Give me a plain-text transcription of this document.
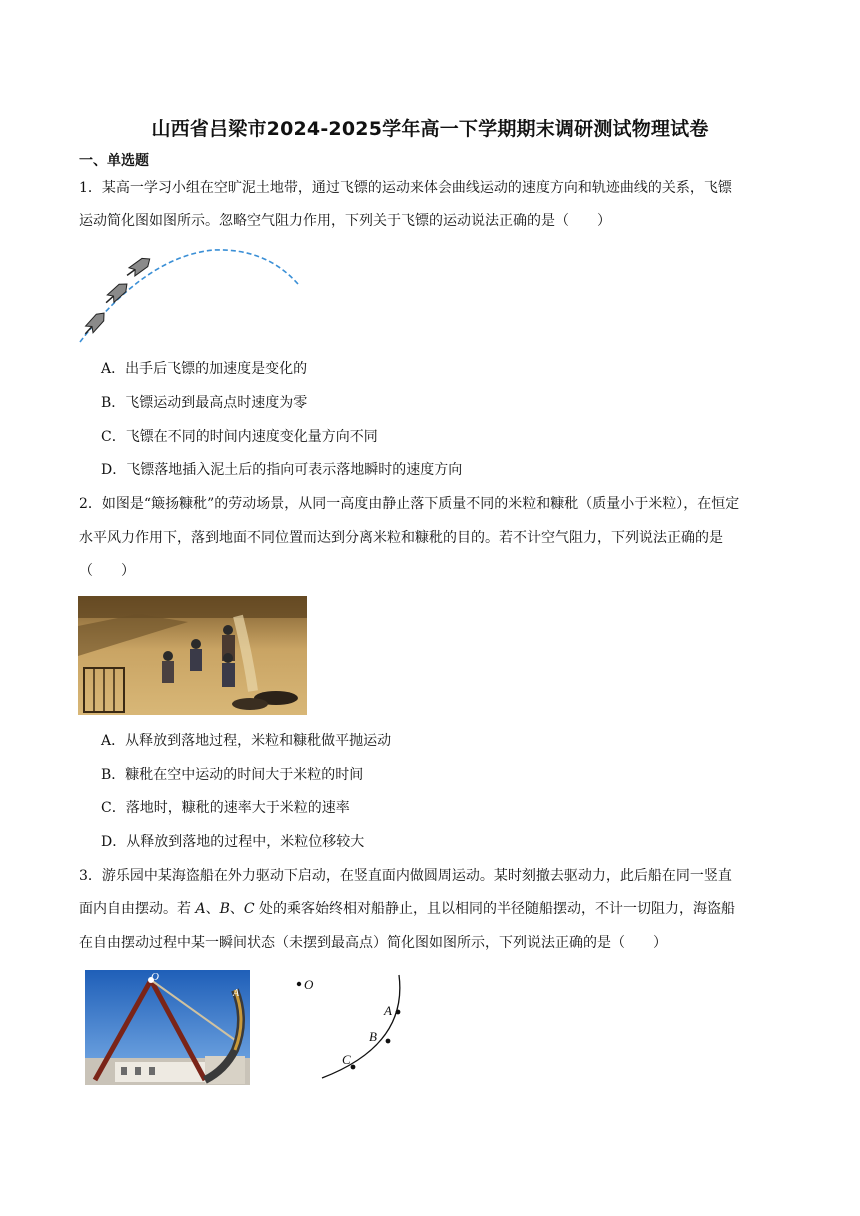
山西省吕梁市2024-2025学年高一下学期期末调研测试物理试卷
一、单选题
1．某高一学习小组在空旷泥土地带，通过飞镖的运动来体会曲线运动的速度方向和轨迹曲线的关系，飞镖
运动简化图如图所示。忽略空气阻力作用，下列关于飞镖的运动说法正确的是（　　）
A．出手后飞镖的加速度是变化的
B．飞镖运动到最高点时速度为零
C．飞镖在不同的时间内速度变化量方向不同
D．飞镖落地插入泥土后的指向可表示落地瞬时的速度方向
2．如图是“簸扬糠秕”的劳动场景，从同一高度由静止落下质量不同的米粒和糠秕（质量小于米粒），在恒定
水平风力作用下，落到地面不同位置而达到分离米粒和糠秕的目的。若不计空气阻力，下列说法正确的是
（　　）
A．从释放到落地过程，米粒和糠秕做平抛运动
B．糠秕在空中运动的时间大于米粒的时间
C．落地时，糠秕的速率大于米粒的速率
D．从释放到落地的过程中，米粒位移较大
3．游乐园中某海盗船在外力驱动下启动，在竖直面内做圆周运动。某时刻撤去驱动力，此后船在同一竖直
面内自由摆动。若 A、B、C 处的乘客始终相对船静止，且以相同的半径随船摆动，不计一切阻力，海盗船
在自由摆动过程中某一瞬间状态（未摆到最高点）简化图如图所示，下列说法正确的是（　　）
O
A
O
A
B
C
